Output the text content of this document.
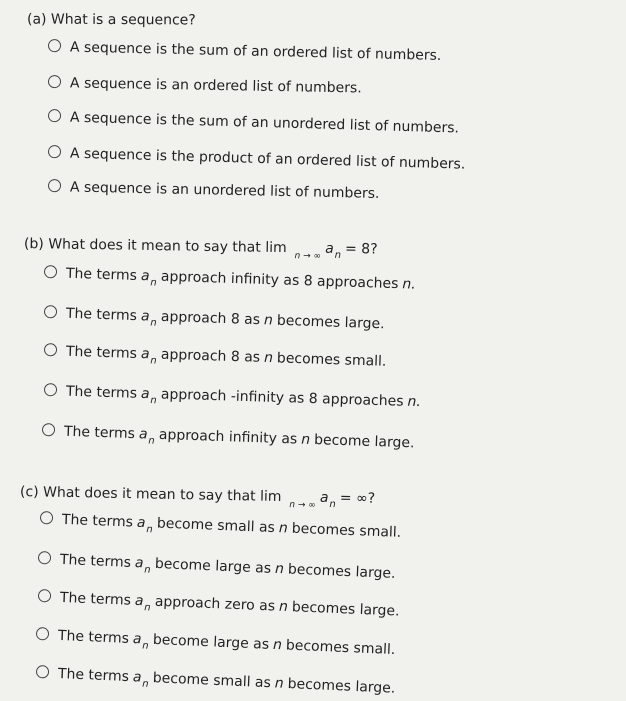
(a) What is a sequence?
A sequence is the sum of an ordered list of numbers.
A sequence is an ordered list of numbers.
A sequence is the sum of an unordered list of numbers.
A sequence is the product of an ordered list of numbers.
A sequence is an unordered list of numbers.
(b) What does it mean to say that $\lim_{n \to \infty} a_n = 8$?
The terms a n approach infinity as 8 approaches n.
The terms a n approach 8 as n becomes large.
The terms a n approach 8 as n becomes small.
The terms a n approach -infinity as 8 approaches n.
The terms a n approach infinity as n become large.
(c) What does it mean to say that $\lim_{n \to \infty} a_n$ = ∞?
The terms a n become small as n becomes small.
The terms a n become large as n becomes large.
The terms a n approach zero as n becomes large.
The terms a n become large as n becomes small.
The terms a n become small as n becomes large.
